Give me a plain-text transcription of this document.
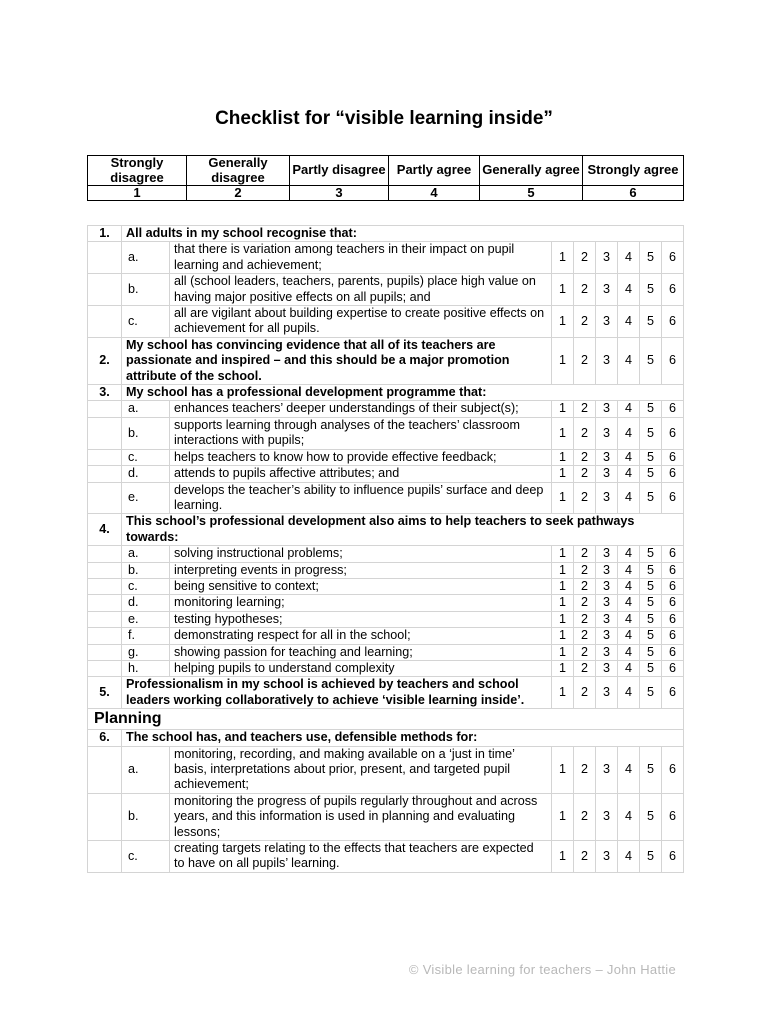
Checklist for “visible learning inside”
Strongly disagree	Generally disagree	Partly disagree	Partly agree	Generally agree	Strongly agree
1	2	3	4	5	6
1.	All adults in my school recognise that:							
	a.	that there is variation among teachers in their impact on pupil learning and achievement;	1	2	3	4	5	6
	b.	all (school leaders, teachers, parents, pupils) place high value on having major positive effects on all pupils; and	1	2	3	4	5	6
	c.	all are vigilant about building expertise to create positive effects on achievement for all pupils.	1	2	3	4	5	6
2.	My school has convincing evidence that all of its teachers are passionate and inspired – and this should be a major promotion attribute of the school.		1	2	3	4	5	6
3.	My school has a professional development programme that:							
	a.	enhances teachers’ deeper understandings of their subject(s);	1	2	3	4	5	6
	b.	supports learning through analyses of the teachers’ classroom interactions with pupils;	1	2	3	4	5	6
	c.	helps teachers to know how to provide effective feedback;	1	2	3	4	5	6
	d.	attends to pupils affective attributes; and	1	2	3	4	5	6
	e.	develops the teacher’s ability to influence pupils’ surface and deep learning.	1	2	3	4	5	6
4.	This school’s professional development also aims to help teachers to seek pathways towards:							
	a.	solving instructional problems;	1	2	3	4	5	6
	b.	interpreting events in progress;	1	2	3	4	5	6
	c.	being sensitive to context;	1	2	3	4	5	6
	d.	monitoring learning;	1	2	3	4	5	6
	e.	testing hypotheses;	1	2	3	4	5	6
	f.	demonstrating respect for all in the school;	1	2	3	4	5	6
	g.	showing passion for teaching and learning;	1	2	3	4	5	6
	h.	helping pupils to understand complexity	1	2	3	4	5	6
5.	Professionalism in my school is achieved by teachers and school leaders working collaboratively to achieve ‘visible learning inside’.		1	2	3	4	5	6
Planning								
6.	The school has, and teachers use, defensible methods for:							
	a.	monitoring, recording, and making available on a ‘just in time’ basis, interpretations about prior, present, and targeted pupil achievement;	1	2	3	4	5	6
	b.	monitoring the progress of pupils regularly throughout and across years, and this information is used in planning and evaluating lessons;	1	2	3	4	5	6
	c.	creating targets relating to the effects that teachers are expected to have on all pupils’ learning.	1	2	3	4	5	6
© Visible learning for teachers – John Hattie
